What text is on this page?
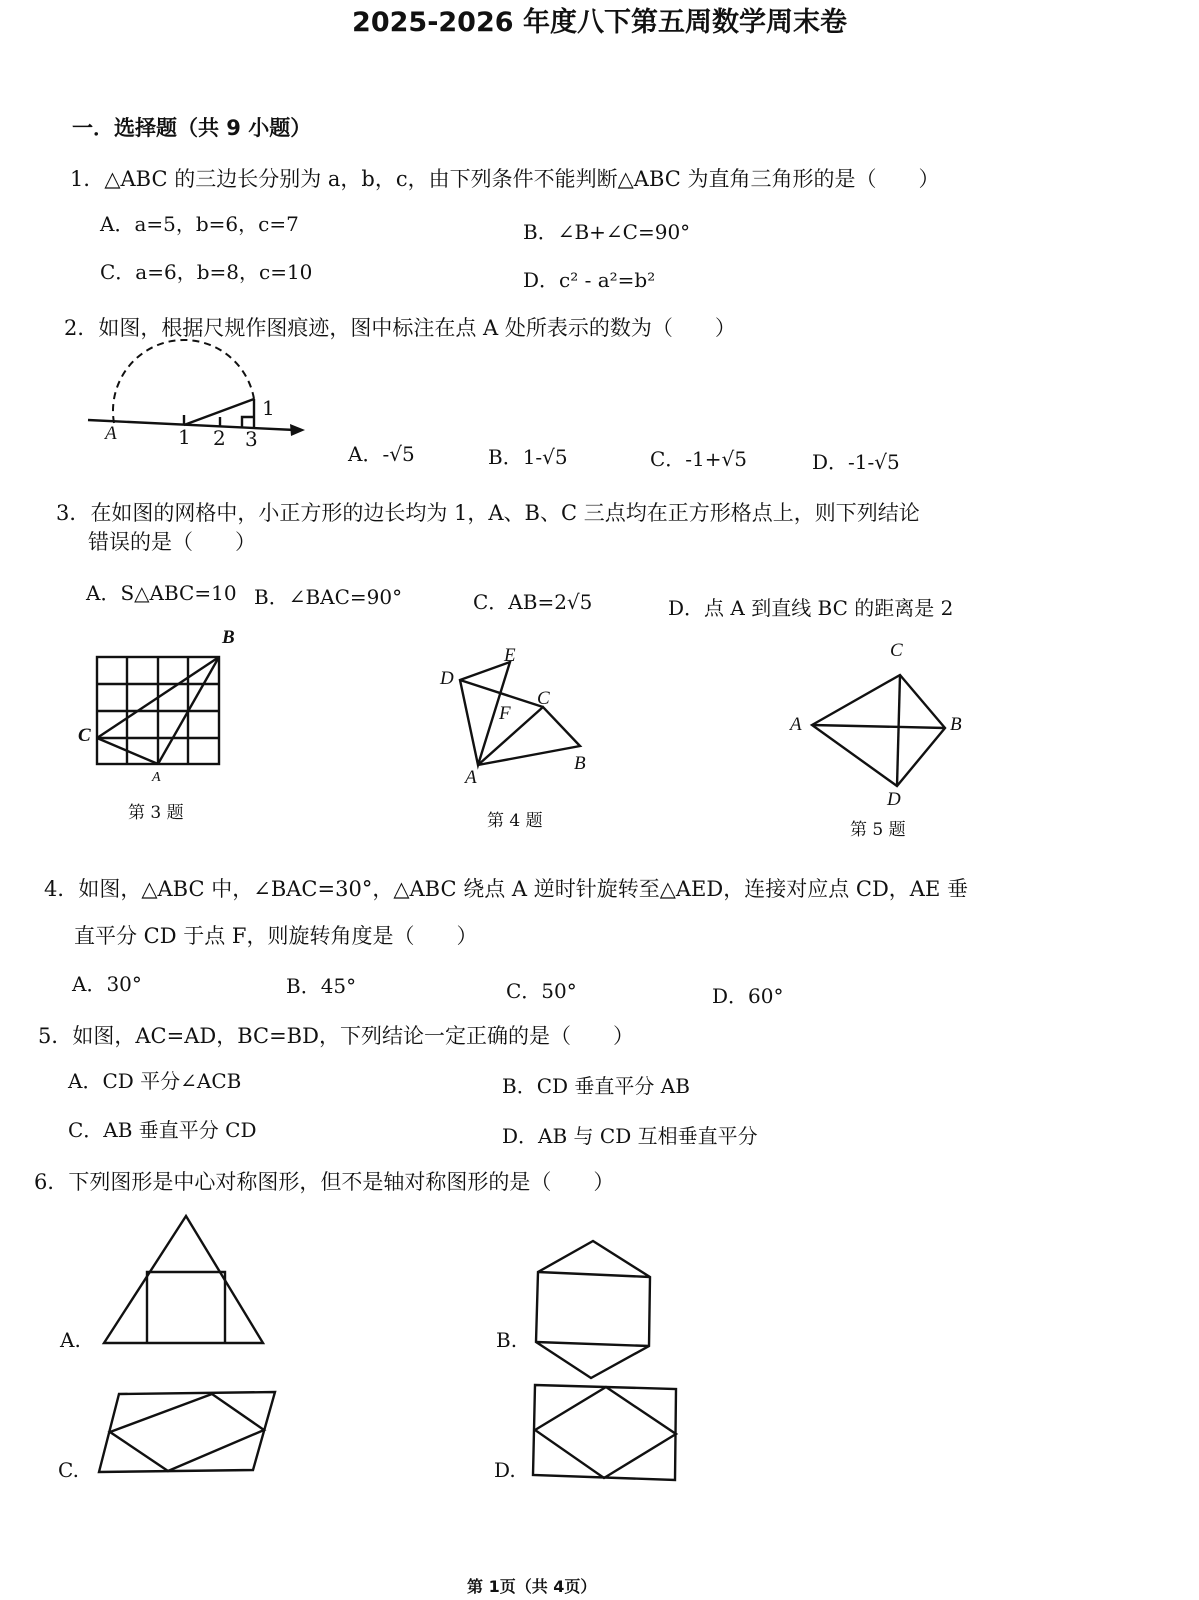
2025-2026 年度八下第五周数学周末卷
一．选择题（共 9 小题）
1．△ABC 的三边长分别为 a，b，c，由下列条件不能判断△ABC 为直角三角形的是（　　）
A．a=5，b=6，c=7	B．∠B+∠C=90°
C．a=6，b=8，c=10	D．c² - a²=b²
2．如图，根据尺规作图痕迹，图中标注在点 A 处所表示的数为（　　）
A	1 2 3
1
A．-√5	B．1-√5	C．-1+√5	D．-1-√5
3．在如图的网格中，小正方形的边长均为 1，A、B、C 三点均在正方形格点上，则下列结论
错误的是（　　）
A．S△ABC=10 B．∠BAC=90°	C．AB=2√5	D．点 A 到直线 BC 的距离是 2
B
C
A
第 3 题
E
D
C
F
B
A
第 4 题
C
A	B
D
第 5 题
4．如图，△ABC 中，∠BAC=30°，△ABC 绕点 A 逆时针旋转至△AED，连接对应点 CD，AE 垂
直平分 CD 于点 F，则旋转角度是（　　）
A．30°	B．45°	C．50°	D．60°
5．如图，AC=AD，BC=BD，下列结论一定正确的是（　　）
A．CD 平分∠ACB	B．CD 垂直平分 AB
C．AB 垂直平分 CD	D．AB 与 CD 互相垂直平分
6．下列图形是中心对称图形，但不是轴对称图形的是（　　）
A.	B.
C.	D.
第 1页（共 4页）
